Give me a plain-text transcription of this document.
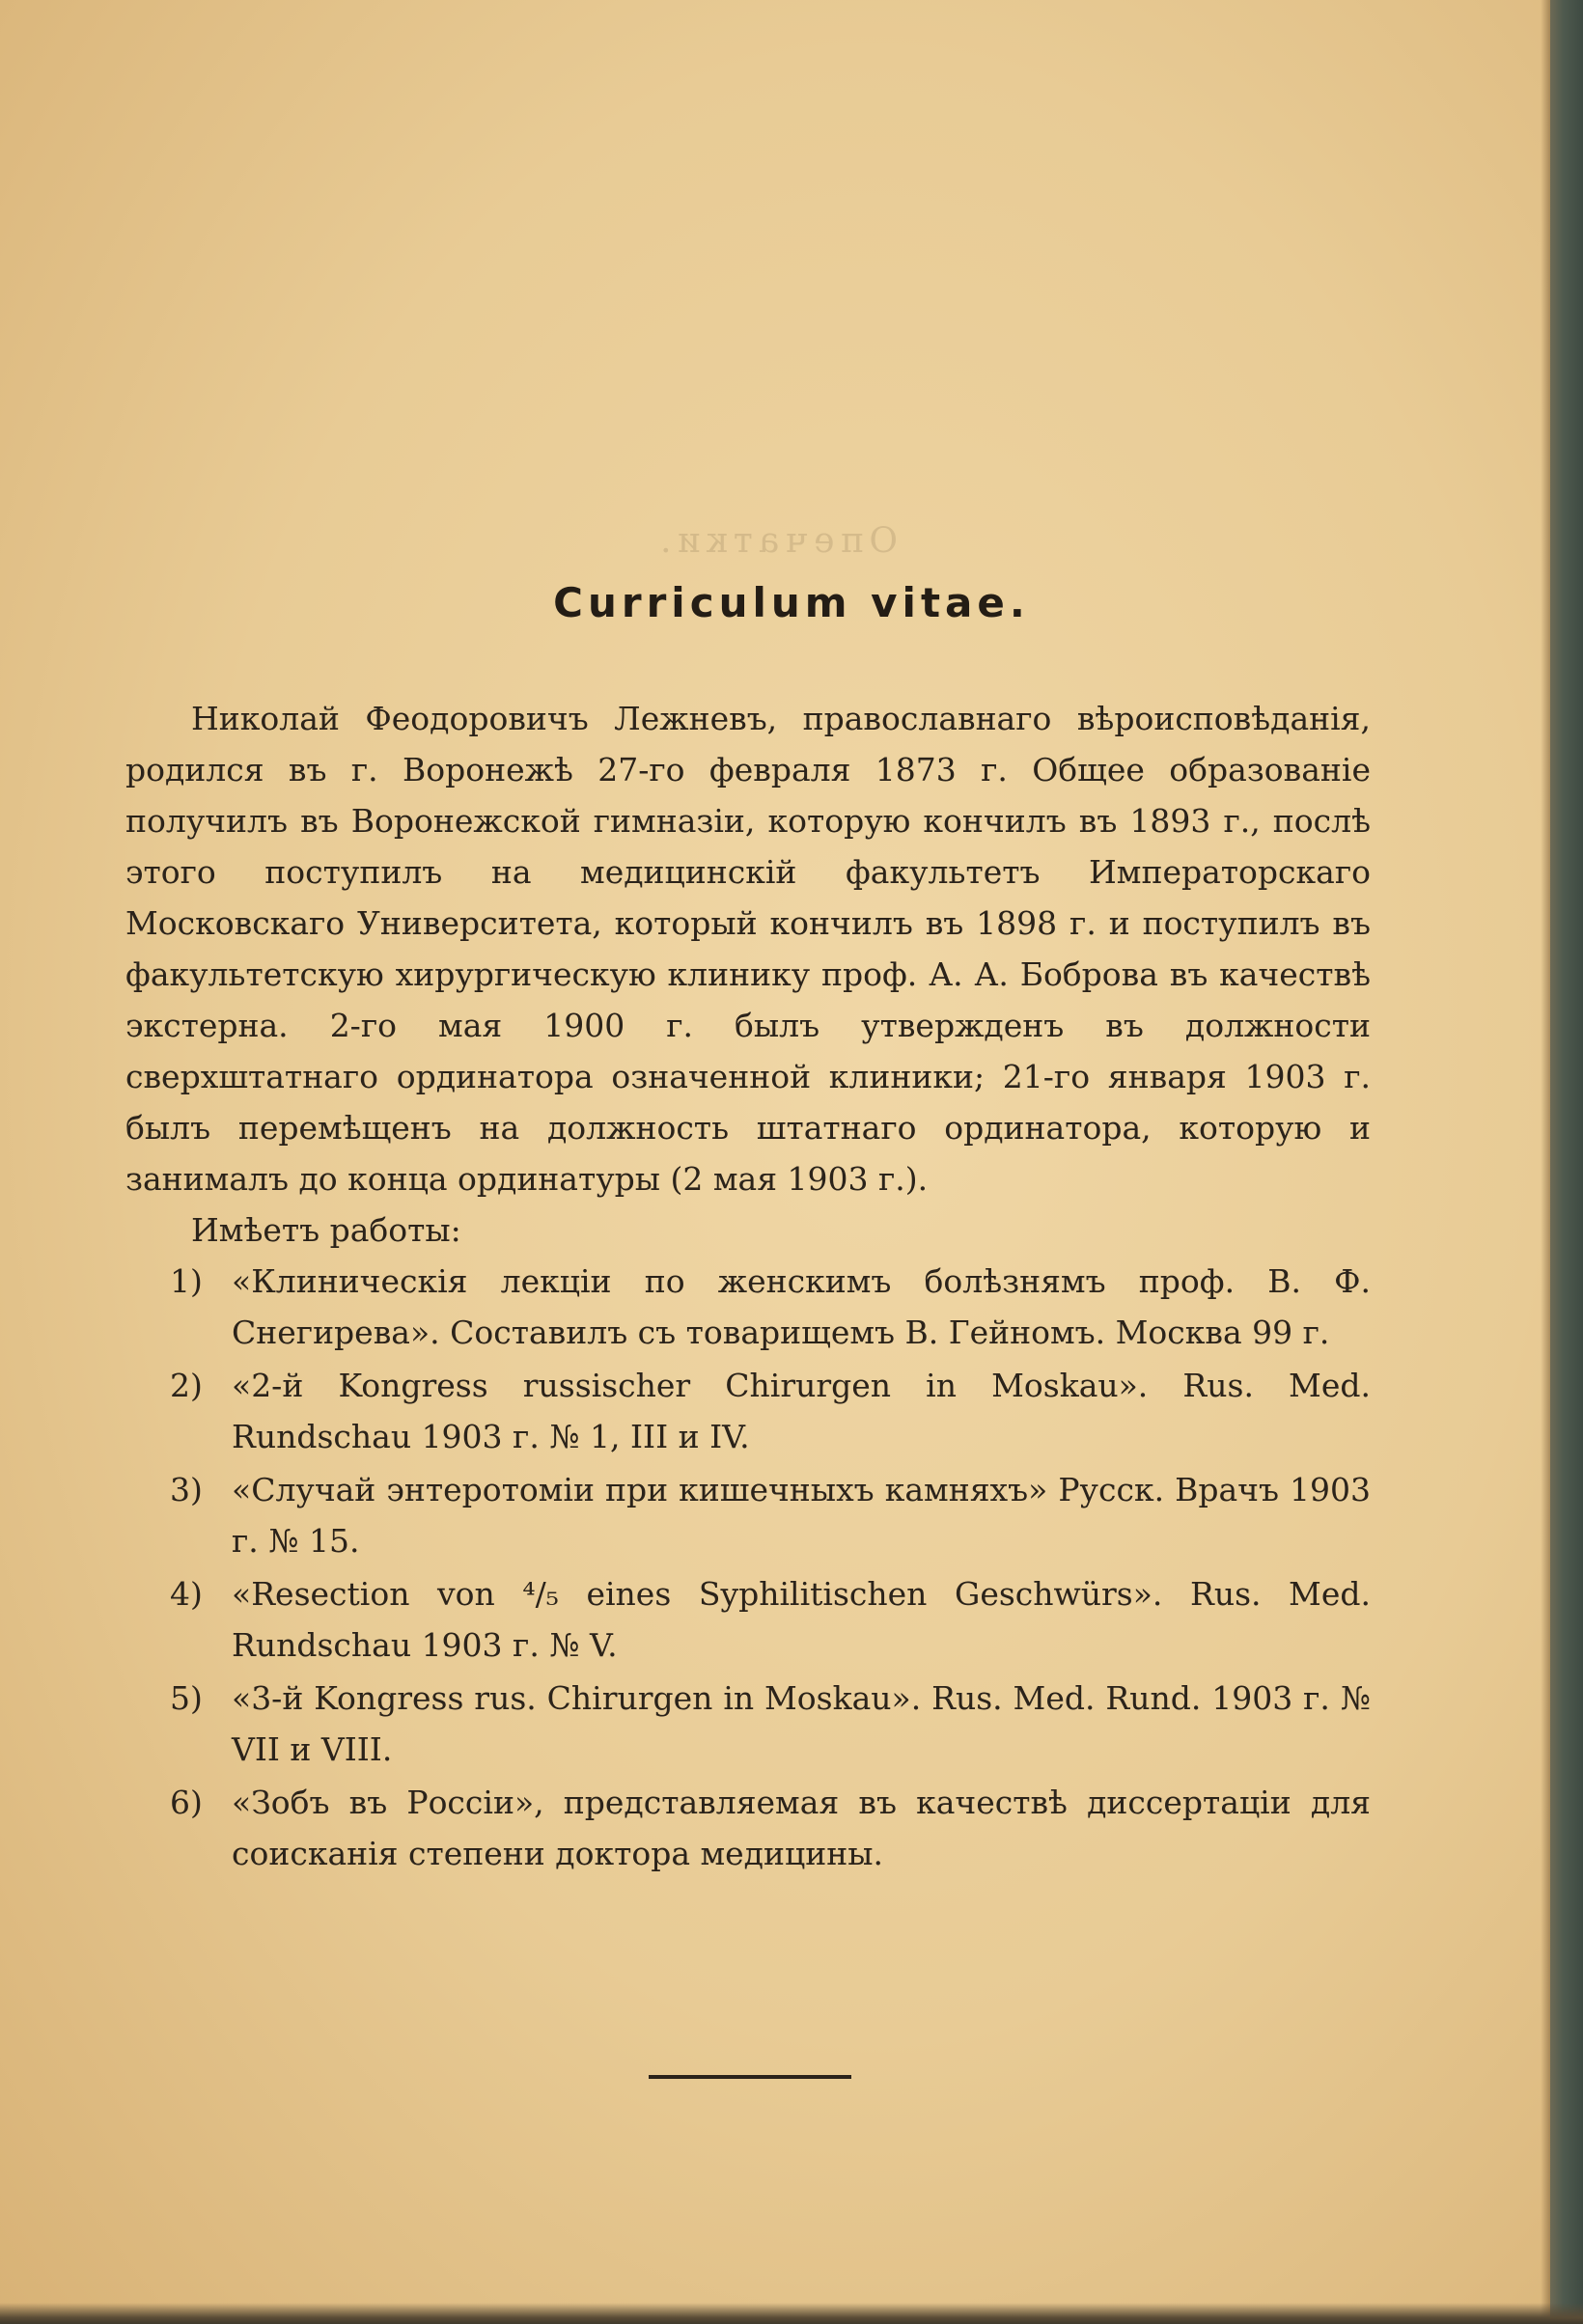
Опечатки.
Curriculum vitae.

Николай Феодоровичъ Лежневъ, православнаго вѣроисповѣданія, родился въ г. Воронежѣ 27-го февраля 1873 г. Общее образованіе получилъ въ Воронежской гимназіи, которую кончилъ въ 1893 г., послѣ этого поступилъ на медицинскій факультетъ Императорскаго Московскаго Университета, который кончилъ въ 1898 г. и поступилъ въ факультетскую хирургическую клинику проф. А. А. Боброва въ качествѣ экстерна. 2-го мая 1900 г. былъ утвержденъ въ должности сверхштатнаго ординатора означенной клиники; 21-го января 1903 г. былъ перемѣщенъ на должность штатнаго ординатора, которую и занималъ до конца ординатуры (2 мая 1903 г.).

Имѣетъ работы:

1) «Клиническія лекціи по женскимъ болѣзнямъ проф. В. Ф. Снегирева». Составилъ съ товарищемъ В. Гейномъ. Москва 99 г.
2) «2-й Kongress russischer Chirurgen in Moskau». Rus. Med. Rundschau 1903 г. № 1, III и IV.
3) «Случай энтеротоміи при кишечныхъ камняхъ» Русск. Врачъ 1903 г. № 15.
4) «Resection von ⁴/₅ eines Syphilitischen Geschwürs». Rus. Med. Rundschau 1903 г. № V.
5) «3-й Kongress rus. Chirurgen in Moskau». Rus. Med. Rund. 1903 г. № VII и VIII.
6) «Зобъ въ Россіи», представляемая въ качествѣ диссертаціи для соисканія степени доктора медицины.
